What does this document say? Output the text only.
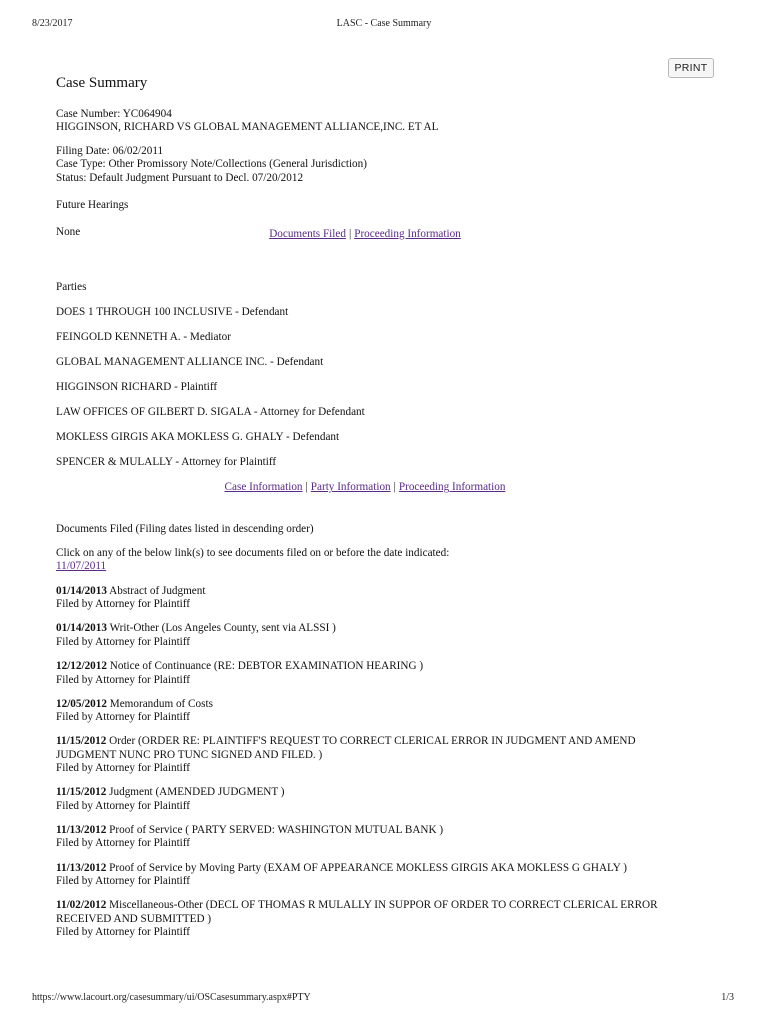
8/23/2017	LASC - Case Summary
PRINT
Case Summary
Case Number: YC064904
HIGGINSON, RICHARD VS GLOBAL MANAGEMENT ALLIANCE,INC. ET AL
Filing Date: 06/02/2011
Case Type: Other Promissory Note/Collections (General Jurisdiction)
Status: Default Judgment Pursuant to Decl. 07/20/2012
Future Hearings
None	Documents Filed | Proceeding Information
Parties
DOES 1 THROUGH 100 INCLUSIVE - Defendant
FEINGOLD KENNETH A. - Mediator
GLOBAL MANAGEMENT ALLIANCE INC. - Defendant
HIGGINSON RICHARD - Plaintiff
LAW OFFICES OF GILBERT D. SIGALA - Attorney for Defendant
MOKLESS GIRGIS AKA MOKLESS G. GHALY - Defendant
SPENCER & MULALLY - Attorney for Plaintiff
Case Information | Party Information | Proceeding Information
Documents Filed (Filing dates listed in descending order)
Click on any of the below link(s) to see documents filed on or before the date indicated:
11/07/2011
01/14/2013 Abstract of Judgment
Filed by Attorney for Plaintiff
01/14/2013 Writ-Other (Los Angeles County, sent via ALSSI )
Filed by Attorney for Plaintiff
12/12/2012 Notice of Continuance (RE: DEBTOR EXAMINATION HEARING )
Filed by Attorney for Plaintiff
12/05/2012 Memorandum of Costs
Filed by Attorney for Plaintiff
11/15/2012 Order (ORDER RE: PLAINTIFF'S REQUEST TO CORRECT CLERICAL ERROR IN JUDGMENT AND AMEND JUDGMENT NUNC PRO TUNC SIGNED AND FILED. )
Filed by Attorney for Plaintiff
11/15/2012 Judgment (AMENDED JUDGMENT )
Filed by Attorney for Plaintiff
11/13/2012 Proof of Service ( PARTY SERVED: WASHINGTON MUTUAL BANK )
Filed by Attorney for Plaintiff
11/13/2012 Proof of Service by Moving Party (EXAM OF APPEARANCE MOKLESS GIRGIS AKA MOKLESS G GHALY )
Filed by Attorney for Plaintiff
11/02/2012 Miscellaneous-Other (DECL OF THOMAS R MULALLY IN SUPPOR OF ORDER TO CORRECT CLERICAL ERROR RECEIVED AND SUBMITTED )
Filed by Attorney for Plaintiff
https://www.lacourt.org/casesummary/ui/OSCasesummary.aspx#PTY	1/3
